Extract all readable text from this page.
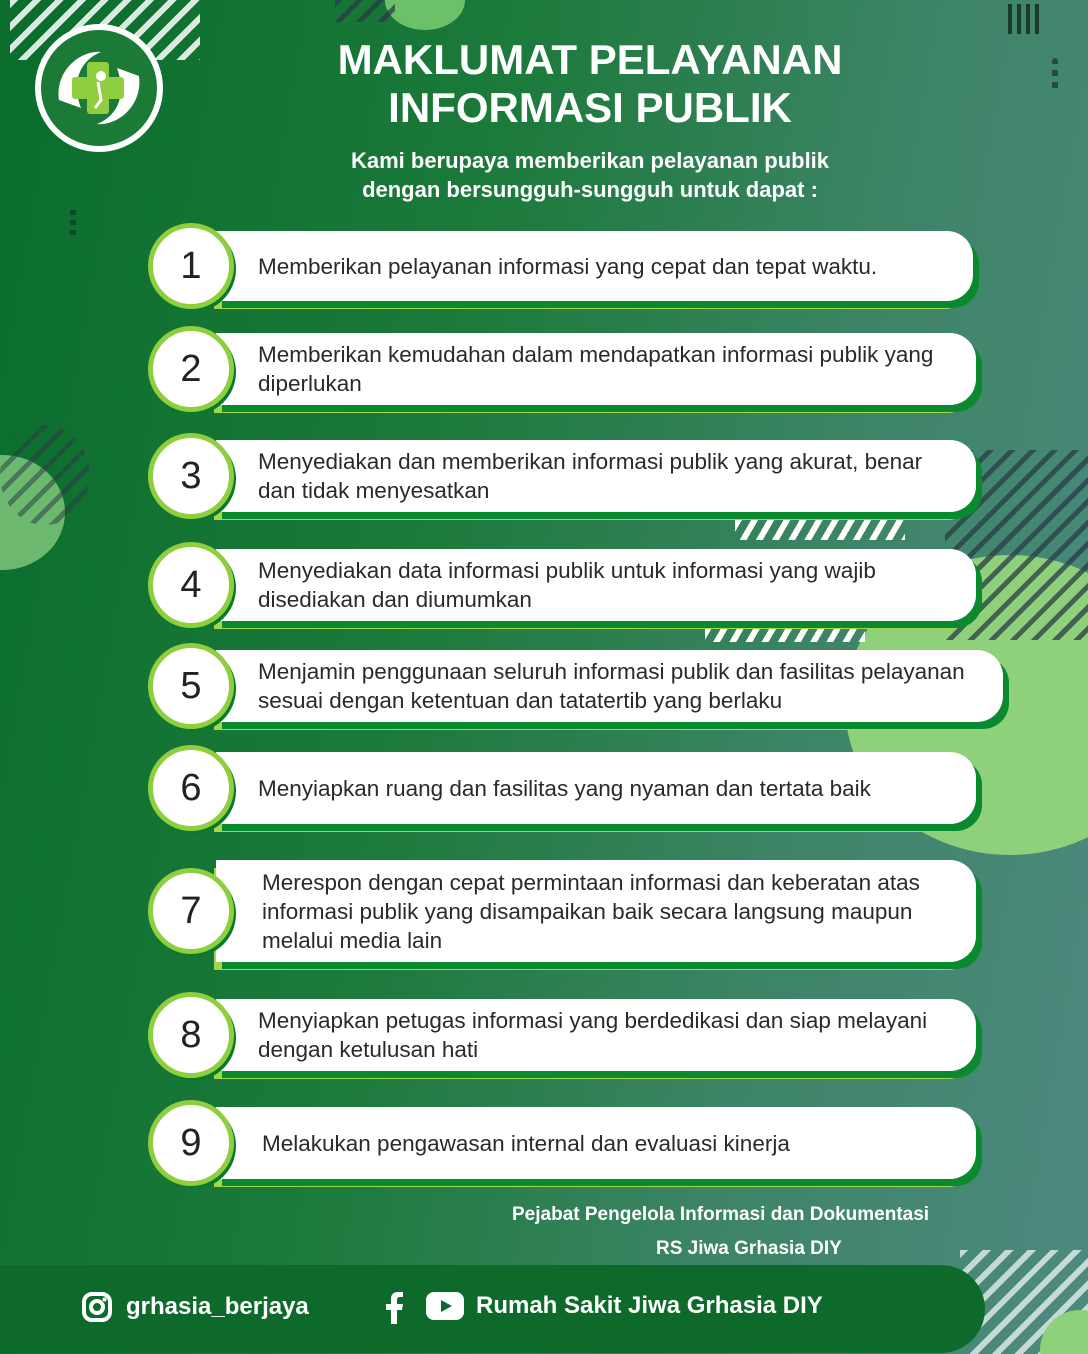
MAKLUMAT PELAYANAN
INFORMASI PUBLIK

Kami berupaya memberikan pelayanan publik
dengan bersungguh-sungguh untuk dapat :

1	Memberikan pelayanan informasi yang cepat dan tepat waktu.
2	Memberikan kemudahan dalam mendapatkan informasi publik yang diperlukan
3	Menyediakan dan memberikan informasi publik yang akurat, benar dan tidak menyesatkan
4	Menyediakan data informasi publik untuk informasi yang wajib disediakan dan diumumkan
5	Menjamin penggunaan seluruh informasi publik dan fasilitas pelayanan sesuai dengan ketentuan dan tatatertib yang berlaku
6	Menyiapkan ruang dan fasilitas yang nyaman dan tertata baik
7
Merespon dengan cepat permintaan informasi dan keberatan atas informasi publik yang disampaikan baik secara langsung maupun melalui media lain
8	Menyiapkan petugas informasi yang berdedikasi dan siap melayani dengan ketulusan hati
9	Melakukan pengawasan internal dan evaluasi kinerja

Pejabat Pengelola Informasi dan Dokumentasi

RS Jiwa Grhasia DIY

grhasia_berjaya	Rumah Sakit Jiwa Grhasia DIY
